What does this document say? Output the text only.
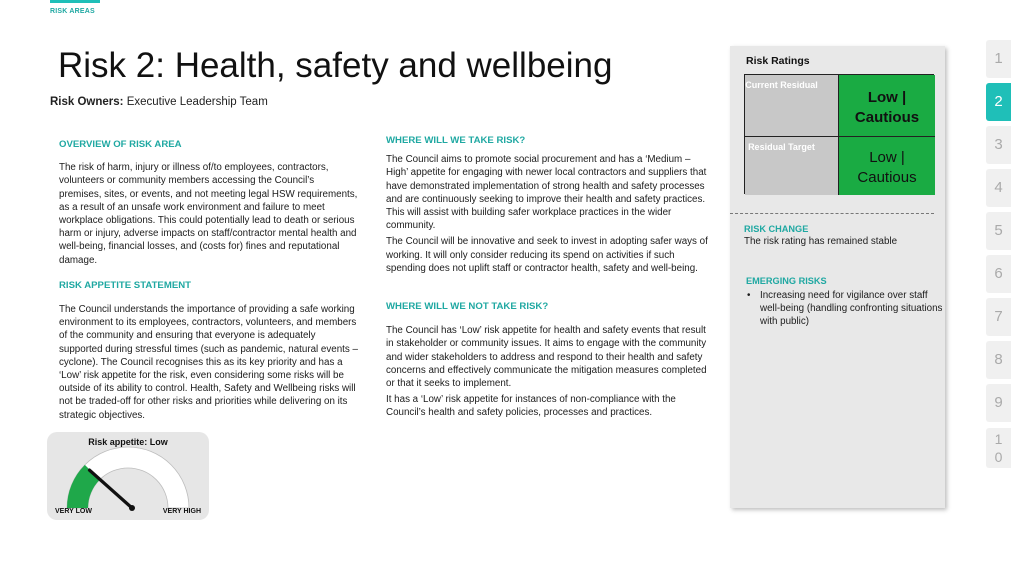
RISK AREAS
Risk 2: Health, safety and wellbeing
Risk Owners: Executive Leadership Team
OVERVIEW OF RISK AREA
The risk of harm, injury or illness of/to employees, contractors, volunteers or community members accessing the Council’s premises, sites, or events, and not meeting legal HSW requirements, as a result of an unsafe work environment and failure to meet workplace obligations. This could potentially lead to death or serious harm or injury, adverse impacts on staff/contractor mental health and well-being, financial losses, and (costs for) fines and reputational damage.
RISK APPETITE STATEMENT
The Council understands the importance of providing a safe working environment to its employees, contractors, volunteers, and members of the community and ensuring that everyone is adequately supported during stressful times (such as pandemic, natural events – cyclone). The Council recognises this as its key priority and has a ‘Low’ risk appetite for the risk, even considering some risks will be outside of its ability to control. Health, Safety and Wellbeing risks will not be traded-off for other risks and priorities while delivering on its strategic objectives.
Risk appetite: Low
VERY LOW	VERY HIGH
WHERE WILL WE TAKE RISK?
The Council aims to promote social procurement and has a ‘Medium – High’ appetite for engaging with newer local contractors and suppliers that have demonstrated implementation of strong health and safety processes and are continuously seeking to improve their health and safety practices. This will assist with building safer workplace practices in the wider community.
The Council will be innovative and seek to invest in adopting safer ways of working. It will only consider reducing its spend on activities if such spending does not uplift staff or contractor health, safety and well-being.
WHERE WILL WE NOT TAKE RISK?
The Council has ‘Low’ risk appetite for health and safety events that result in stakeholder or community issues. It aims to engage with the community and wider stakeholders to address and respond to their health and safety concerns and effectively communicate the mitigation measures completed or that it seeks to implement.
It has a ‘Low’ risk appetite for instances of non-compliance with the Council’s health and safety policies, processes and practices.
Risk Ratings
Current Residual
Low |
Cautious
Residual Target
Low |
Cautious
RISK CHANGE
The risk rating has remained stable
EMERGING RISKS
• Increasing need for vigilance over staff well-being (handling confronting situations with public)
1
2
3
4
5
6
7
8
9
1
0
